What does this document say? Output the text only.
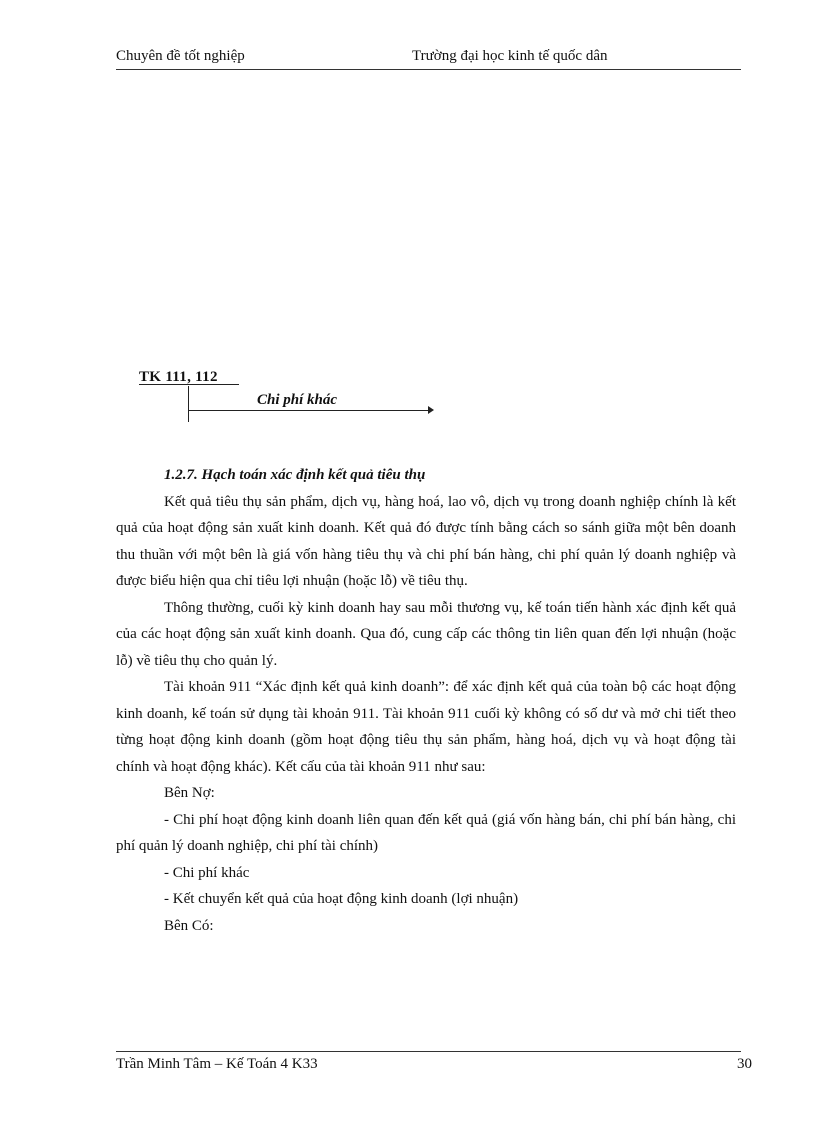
Chuyên đề tốt nghiệp	Trường đại học kinh tế quốc dân
TK 111, 112
Chi phí khác

1.2.7. Hạch toán xác định kết quả tiêu thụ

Kết quả tiêu thụ sản phẩm, dịch vụ, hàng hoá, lao vô, dịch vụ trong doanh nghiệp chính là kết quả của hoạt động sản xuất kinh doanh. Kết quả đó được tính bằng cách so sánh giữa một bên doanh thu thuần với một bên là giá vốn hàng tiêu thụ và chi phí bán hàng, chi phí quản lý doanh nghiệp và được biểu hiện qua chỉ tiêu lợi nhuận (hoặc lỗ) về tiêu thụ.

Thông thường, cuối kỳ kinh doanh hay sau mỗi thương vụ, kế toán tiến hành xác định kết quả của các hoạt động sản xuất kinh doanh. Qua đó, cung cấp các thông tin liên quan đến lợi nhuận (hoặc lỗ) về tiêu thụ cho quản lý.

Tài khoản 911 “Xác định kết quả kinh doanh”: để xác định kết quả của toàn bộ các hoạt động kinh doanh, kế toán sử dụng tài khoản 911. Tài khoản 911 cuối kỳ không có số dư và mở chi tiết theo từng hoạt động kinh doanh (gồm hoạt động tiêu thụ sản phẩm, hàng hoá, dịch vụ và hoạt động tài chính và hoạt động khác). Kết cấu của tài khoản 911 như sau:

Bên Nợ:

- Chi phí hoạt động kinh doanh liên quan đến kết quả (giá vốn hàng bán, chi phí bán hàng, chi phí quản lý doanh nghiệp, chi phí tài chính)

- Chi phí khác

- Kết chuyển kết quả của hoạt động kinh doanh (lợi nhuận)

Bên Có:

Trần Minh Tâm – Kế Toán 4 K33	30
